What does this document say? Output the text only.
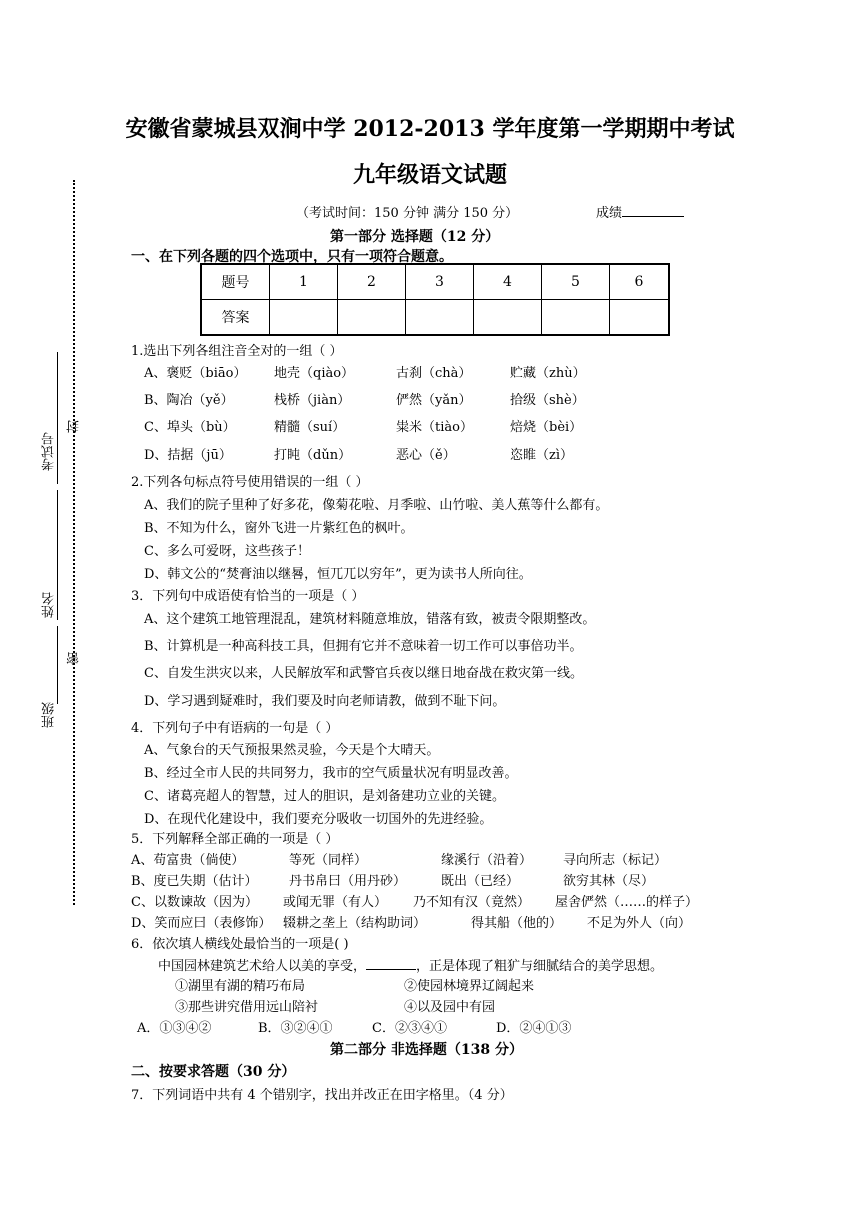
安徽省蒙城县双涧中学 2012-2013 学年度第一学期期中考试
九年级语文试题
（考试时间：150 分钟 满分 150 分）	成绩
考试号
封
姓名
密
班级
第一部分 选择题（12 分）
一、在下列各题的四个选项中，只有一项符合题意。
题号	1	2	3	4	5	6
答案						
1.选出下列各组注音全对的一组（ ）
A、褒贬（biāo） 地壳（qiào）	古刹（chà）	贮藏（zhù）
B、陶冶（yě）	栈桥（jiàn）	俨然（yǎn）	拾级（shè）
C、埠头（bù）	精髓（suí）	粜米（tiào）	焙烧（bèi）
D、拮据（jū）	打盹（dǔn）	恶心（ě）	恣睢（zì）
2.下列各句标点符号使用错误的一组（ ）
A、我们的院子里种了好多花，像菊花啦、月季啦、山竹啦、美人蕉等什么都有。
B、不知为什么，窗外飞进一片紫红色的枫叶。
C、多么可爱呀，这些孩子！
D、韩文公的“焚膏油以继晷，恒兀兀以穷年”，更为读书人所向往。
3．下列句中成语使有恰当的一项是（ ）
A、这个建筑工地管理混乱，建筑材料随意堆放，错落有致，被责令限期整改。
B、计算机是一种高科技工具，但拥有它并不意味着一切工作可以事倍功半。
C、自发生洪灾以来，人民解放军和武警官兵夜以继日地奋战在救灾第一线。
D、学习遇到疑难时，我们要及时向老师请教，做到不耻下问。
4．下列句子中有语病的一句是（ ）
A、气象台的天气预报果然灵验，今天是个大晴天。
B、经过全市人民的共同努力，我市的空气质量状况有明显改善。
C、诸葛亮超人的智慧，过人的胆识，是刘备建功立业的关键。
D、在现代化建设中，我们要充分吸收一切国外的先进经验。
5．下列解释全部正确的一项是（ ）
A、苟富贵（倘使）	等死（同样）	缘溪行（沿着） 寻向所志（标记）
B、度已失期（估计） 丹书帛曰（用丹砂）	既出（已经）	欲穷其林（尽）
C、以数谏故（因为） 或闻无罪（有人） 乃不知有汉（竟然） 屋舍俨然（……的样子）
D、笑而应曰（表修饰） 辍耕之垄上（结构助词）	得其船（他的） 不足为外人（向）
6．依次填人横线处最恰当的一项是( )
中国园林建筑艺术给人以美的享受，	，正是体现了粗犷与细腻结合的美学思想。
①湖里有湖的精巧布局	②使园林境界辽阔起来
③那些讲究借用远山陪衬	④以及园中有园
A．①③④②	B．③②④①	C．②③④①	D．②④①③
第二部分 非选择题（138 分）
二、按要求答题（30 分）
7．下列词语中共有 4 个错别字，找出并改正在田字格里。（4 分）
